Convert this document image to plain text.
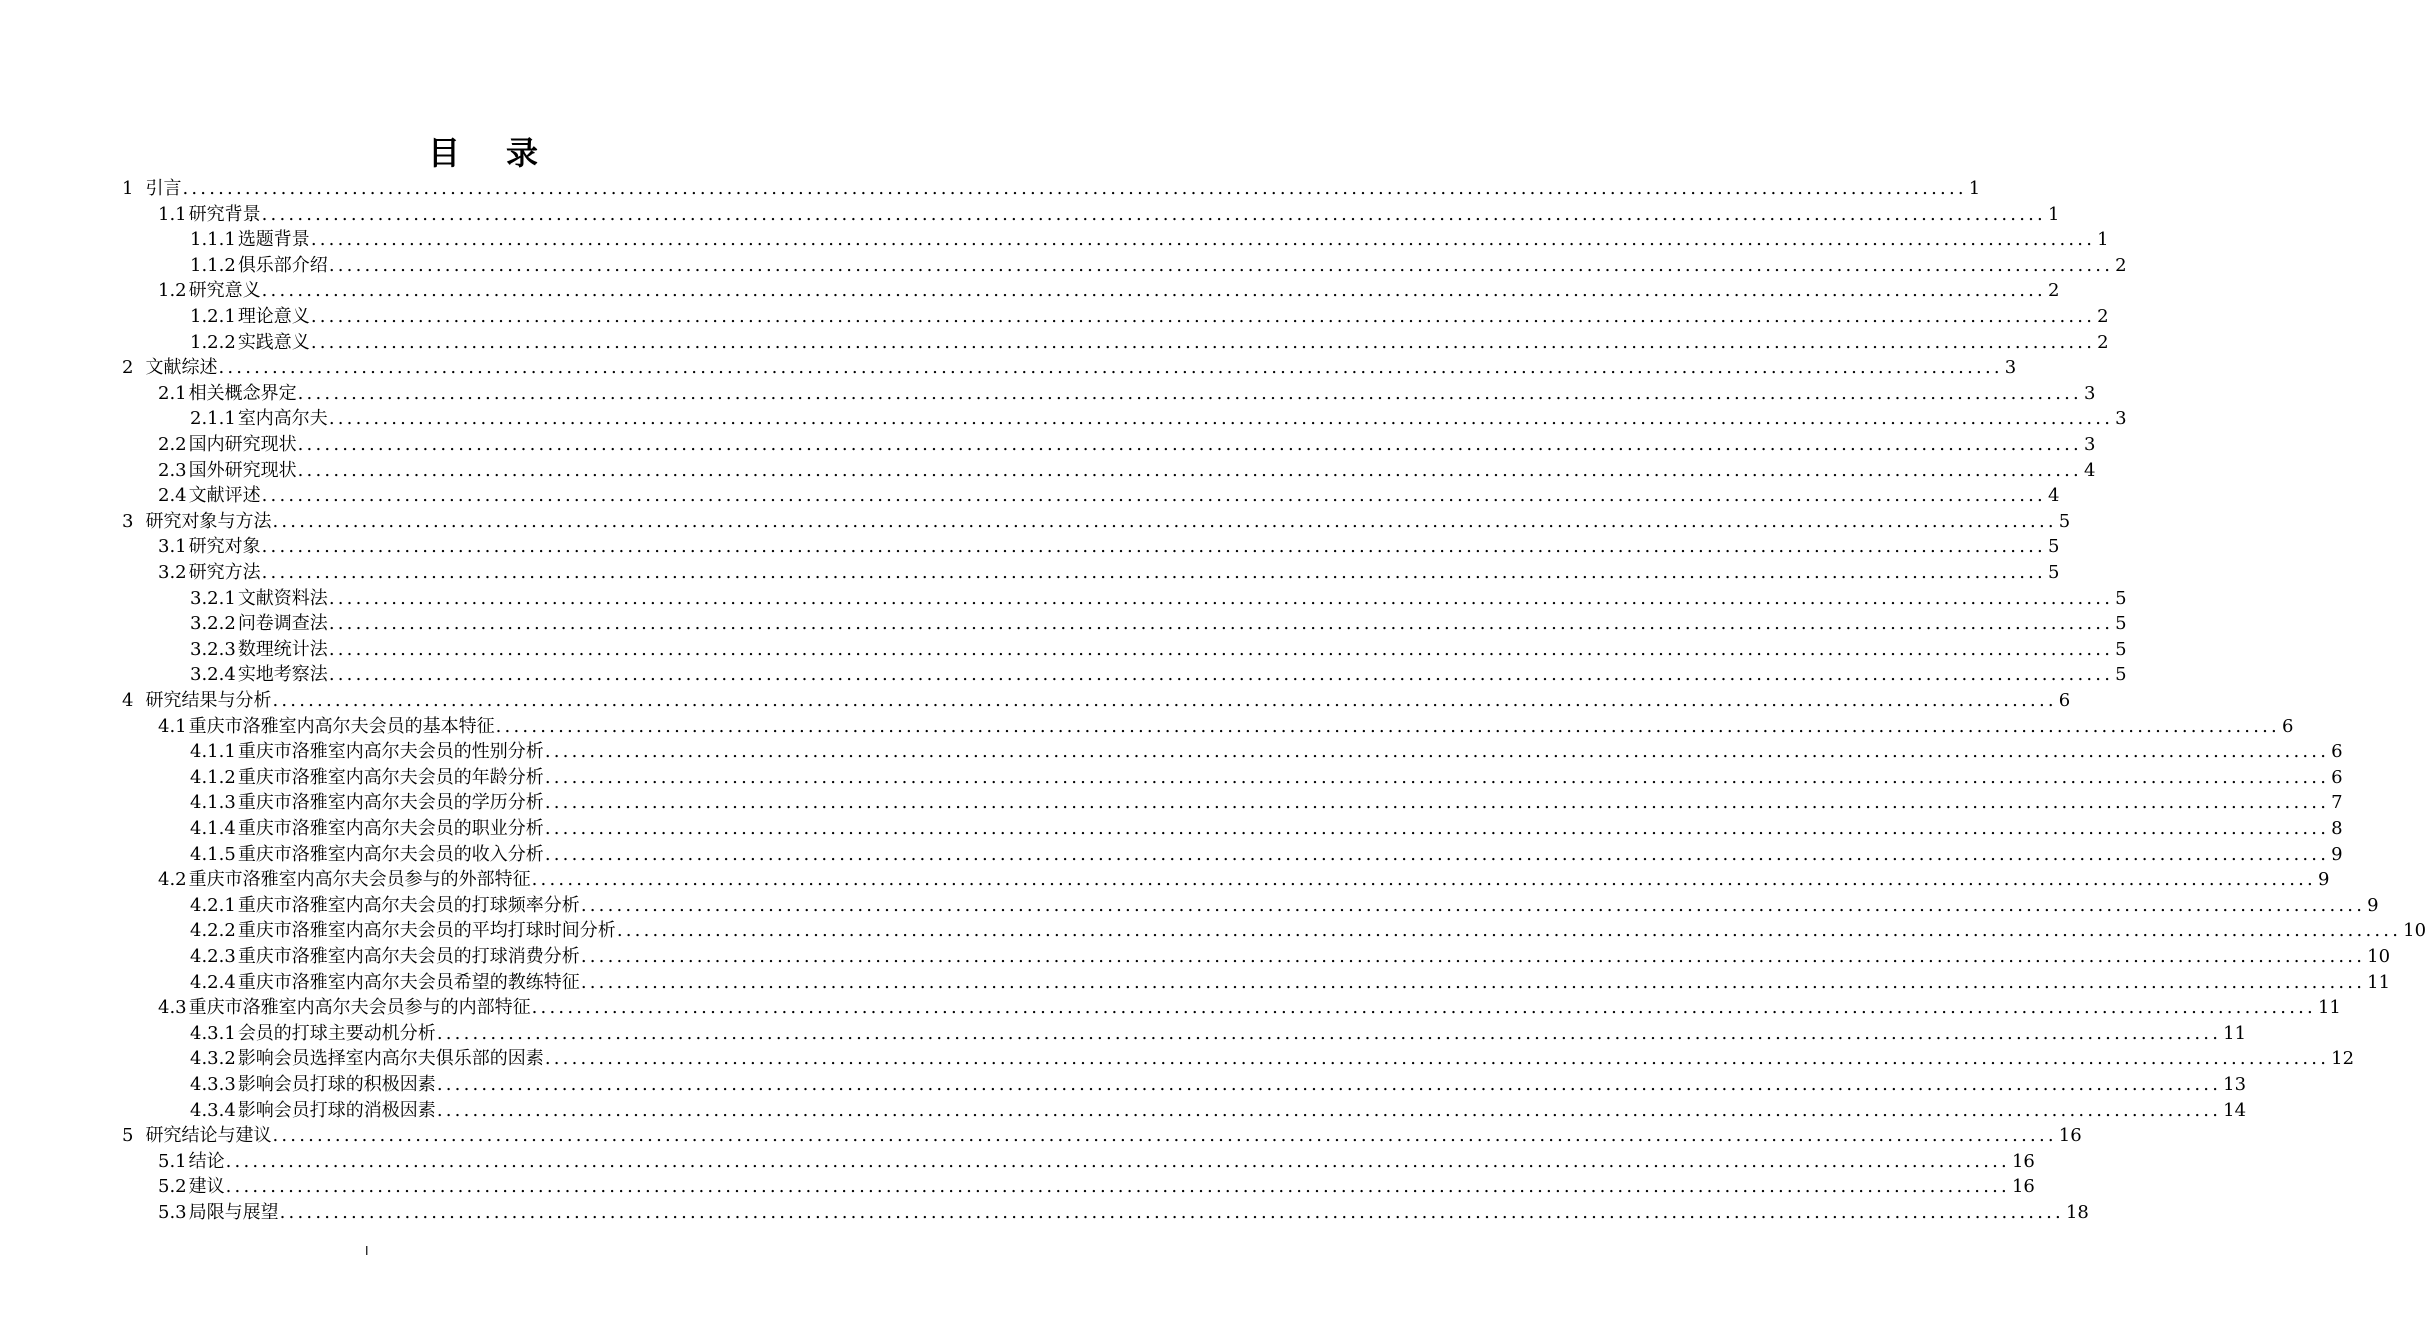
目 录
1 引言 ........................................................................................................................................................................................................ 1
1.1 研究背景 ........................................................................................................................................................................................................ 1
1.1.1 选题背景 ........................................................................................................................................................................................................ 1
1.1.2 俱乐部介绍 ........................................................................................................................................................................................................ 2
1.2 研究意义 ........................................................................................................................................................................................................ 2
1.2.1 理论意义 ........................................................................................................................................................................................................ 2
1.2.2 实践意义 ........................................................................................................................................................................................................ 2
2 文献综述 ........................................................................................................................................................................................................ 3
2.1 相关概念界定 ........................................................................................................................................................................................................ 3
2.1.1 室内高尔夫 ........................................................................................................................................................................................................ 3
2.2 国内研究现状 ........................................................................................................................................................................................................ 3
2.3 国外研究现状 ........................................................................................................................................................................................................ 4
2.4 文献评述 ........................................................................................................................................................................................................ 4
3 研究对象与方法 ........................................................................................................................................................................................................ 5
3.1 研究对象 ........................................................................................................................................................................................................ 5
3.2 研究方法 ........................................................................................................................................................................................................ 5
3.2.1 文献资料法 ........................................................................................................................................................................................................ 5
3.2.2 问卷调查法 ........................................................................................................................................................................................................ 5
3.2.3 数理统计法 ........................................................................................................................................................................................................ 5
3.2.4 实地考察法 ........................................................................................................................................................................................................ 5
4 研究结果与分析 ........................................................................................................................................................................................................ 6
4.1 重庆市洛雅室内高尔夫会员的基本特征 ........................................................................................................................................................................................................ 6
4.1.1 重庆市洛雅室内高尔夫会员的性别分析 ........................................................................................................................................................................................................ 6
4.1.2 重庆市洛雅室内高尔夫会员的年龄分析 ........................................................................................................................................................................................................ 6
4.1.3 重庆市洛雅室内高尔夫会员的学历分析 ........................................................................................................................................................................................................ 7
4.1.4 重庆市洛雅室内高尔夫会员的职业分析 ........................................................................................................................................................................................................ 8
4.1.5 重庆市洛雅室内高尔夫会员的收入分析 ........................................................................................................................................................................................................ 9
4.2 重庆市洛雅室内高尔夫会员参与的外部特征 ........................................................................................................................................................................................................ 9
4.2.1 重庆市洛雅室内高尔夫会员的打球频率分析 ........................................................................................................................................................................................................ 9
4.2.2 重庆市洛雅室内高尔夫会员的平均打球时间分析 ........................................................................................................................................................................................................ 10
4.2.3 重庆市洛雅室内高尔夫会员的打球消费分析 ........................................................................................................................................................................................................ 10
4.2.4 重庆市洛雅室内高尔夫会员希望的教练特征 ........................................................................................................................................................................................................ 11
4.3 重庆市洛雅室内高尔夫会员参与的内部特征 ........................................................................................................................................................................................................ 11
4.3.1 会员的打球主要动机分析 ........................................................................................................................................................................................................ 11
4.3.2 影响会员选择室内高尔夫俱乐部的因素 ........................................................................................................................................................................................................ 12
4.3.3 影响会员打球的积极因素 ........................................................................................................................................................................................................ 13
4.3.4 影响会员打球的消极因素 ........................................................................................................................................................................................................ 14
5 研究结论与建议 ........................................................................................................................................................................................................ 16
5.1 结论 ........................................................................................................................................................................................................ 16
5.2 建议 ........................................................................................................................................................................................................ 16
5.3 局限与展望 ........................................................................................................................................................................................................ 18
I
